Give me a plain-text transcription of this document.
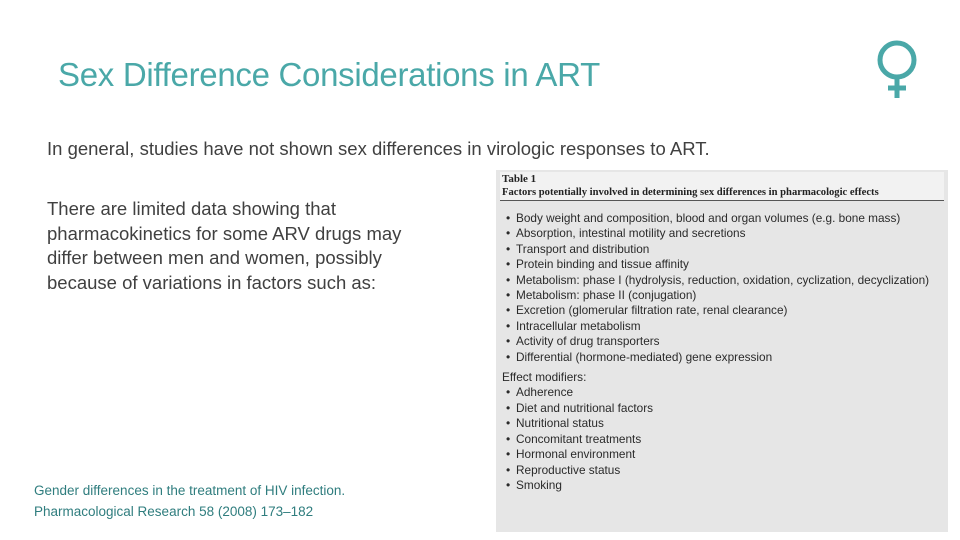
Sex Difference Considerations in ART
In general, studies have not shown sex differences in virologic responses to ART.
There are limited data showing that pharmacokinetics for some ARV drugs may differ between men and women, possibly because of variations in factors such as:
Gender differences in the treatment of HIV infection.
Pharmacological Research 58 (2008) 173–182
Table 1
Factors potentially involved in determining sex differences in pharmacologic effects
• Body weight and composition, blood and organ volumes (e.g. bone mass)
• Absorption, intestinal motility and secretions
• Transport and distribution
• Protein binding and tissue affinity
• Metabolism: phase I (hydrolysis, reduction, oxidation, cyclization, decyclization)
• Metabolism: phase II (conjugation)
• Excretion (glomerular filtration rate, renal clearance)
• Intracellular metabolism
• Activity of drug transporters
• Differential (hormone-mediated) gene expression
Effect modifiers:
• Adherence
• Diet and nutritional factors
• Nutritional status
• Concomitant treatments
• Hormonal environment
• Reproductive status
• Smoking
